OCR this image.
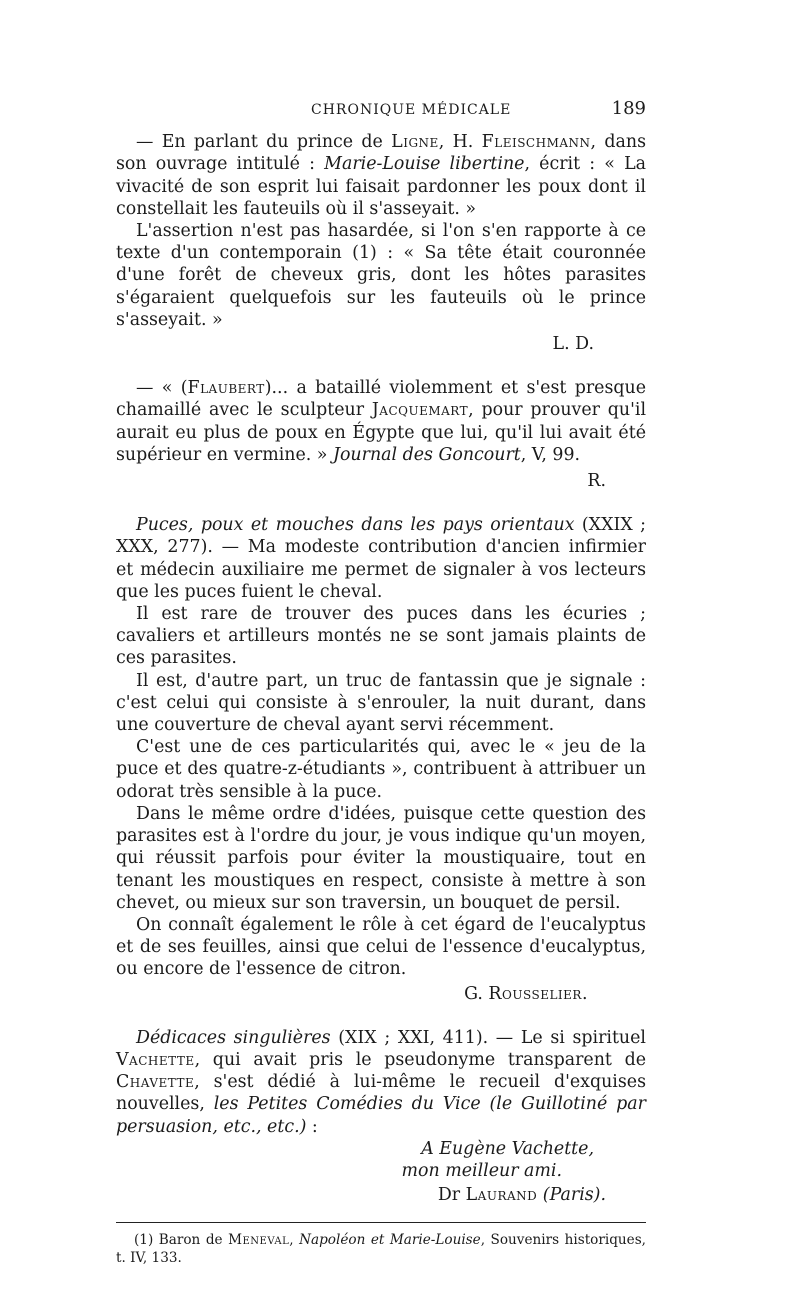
CHRONIQUE MÉDICALE	189

— En parlant du prince de Ligne, H. Fleischmann, dans son ouvrage intitulé : Marie-Louise libertine, écrit : « La vivacité de son esprit lui faisait pardonner les poux dont il constellait les fauteuils où il s'asseyait. »

L'assertion n'est pas hasardée, si l'on s'en rapporte à ce texte d'un contemporain (1) : « Sa tête était couronnée d'une forêt de cheveux gris, dont les hôtes parasites s'égaraient quelquefois sur les fauteuils où le prince s'asseyait. »

L. D.

— « (Flaubert)... a bataillé violemment et s'est presque chamaillé avec le sculpteur Jacquemart, pour prouver qu'il aurait eu plus de poux en Égypte que lui, qu'il lui avait été supérieur en vermine. » Journal des Goncourt, V, 99.

R.

Puces, poux et mouches dans les pays orientaux (XXIX ; XXX, 277). — Ma modeste contribution d'ancien infirmier et médecin auxiliaire me permet de signaler à vos lecteurs que les puces fuient le cheval.

Il est rare de trouver des puces dans les écuries ; cavaliers et artilleurs montés ne se sont jamais plaints de ces parasites.

Il est, d'autre part, un truc de fantassin que je signale : c'est celui qui consiste à s'enrouler, la nuit durant, dans une couverture de cheval ayant servi récemment.

C'est une de ces particularités qui, avec le « jeu de la puce et des quatre-z-étudiants », contribuent à attribuer un odorat très sensible à la puce.

Dans le même ordre d'idées, puisque cette question des parasites est à l'ordre du jour, je vous indique qu'un moyen, qui réussit parfois pour éviter la moustiquaire, tout en tenant les moustiques en respect, consiste à mettre à son chevet, ou mieux sur son traversin, un bouquet de persil.

On connaît également le rôle à cet égard de l'eucalyptus et de ses feuilles, ainsi que celui de l'essence d'eucalyptus, ou encore de l'essence de citron.

G. Rousselier.

Dédicaces singulières (XIX ; XXI, 411). — Le si spirituel Vachette, qui avait pris le pseudonyme transparent de Chavette, s'est dédié à lui-même le recueil d'exquises nouvelles, les Petites Comédies du Vice (le Guillotiné par persuasion, etc., etc.) :

A Eugène Vachette,
mon meilleur ami.
Dr Laurand (Paris).

(1) Baron de Meneval, Napoléon et Marie-Louise, Souvenirs historiques, t. IV, 133.
